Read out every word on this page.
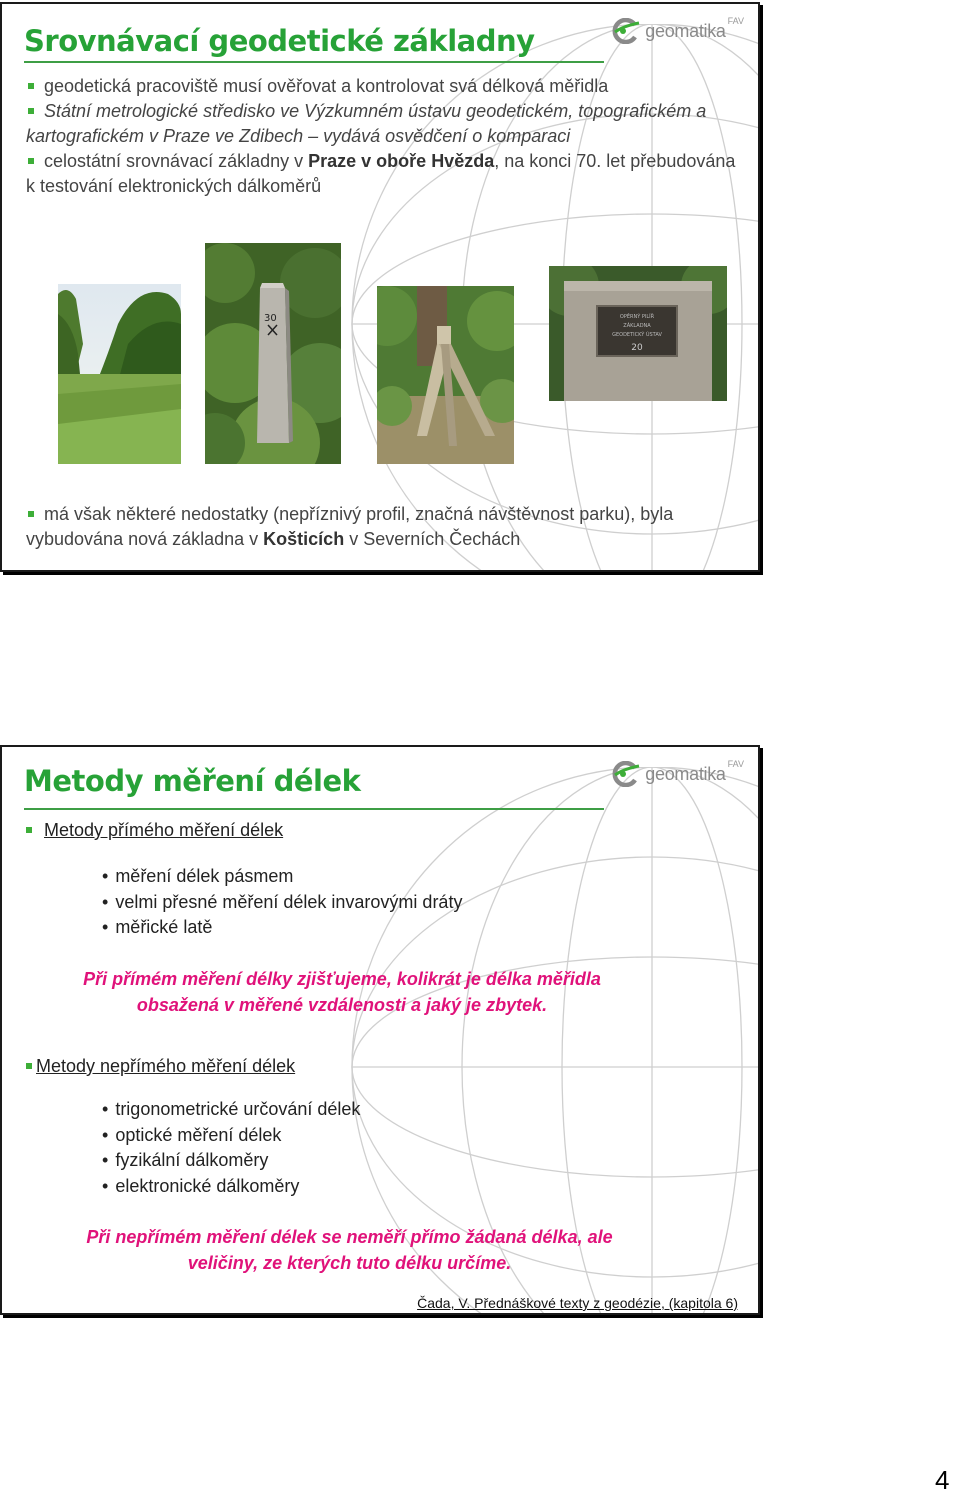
Srovnávací geodetické základny	geomatika FAV
geodetická pracoviště musí ověřovat a kontrolovat svá délková měřidla
Státní metrologické středisko ve Výzkumném ústavu geodetickém, topografickém a kartografickém v Praze ve Zdibech – vydává osvědčení o komparaci
celostátní srovnávací základny v Praze v oboře Hvězda, na konci 70. let přebudována k testování elektronických dálkoměrů
30	OPĚRNÝ PILÍŘ
ZÁKLADNA
GEODETICKÝ ÚSTAV
20
má však některé nedostatky (nepříznivý profil, značná návštěvnost parku), byla vybudována nová základna v Košticích v Severních Čechách
Metody měření délek	geomatika FAV
Metody přímého měření délek
• měření délek pásmem
• velmi přesné měření délek invarovými dráty
• měřické latě
Při přímém měření délky zjišťujeme, kolikrát je délka měřidla
obsažená v měřené vzdálenosti a jaký je zbytek.
Metody nepřímého měření délek
• trigonometrické určování délek
• optické měření délek
• fyzikální dálkoměry
• elektronické dálkoměry
Při nepřímém měření délek se neměří přímo žádaná délka, ale
veličiny, ze kterých tuto délku určíme.
Čada, V. Přednáškové texty z geodézie, (kapitola 6)
4
